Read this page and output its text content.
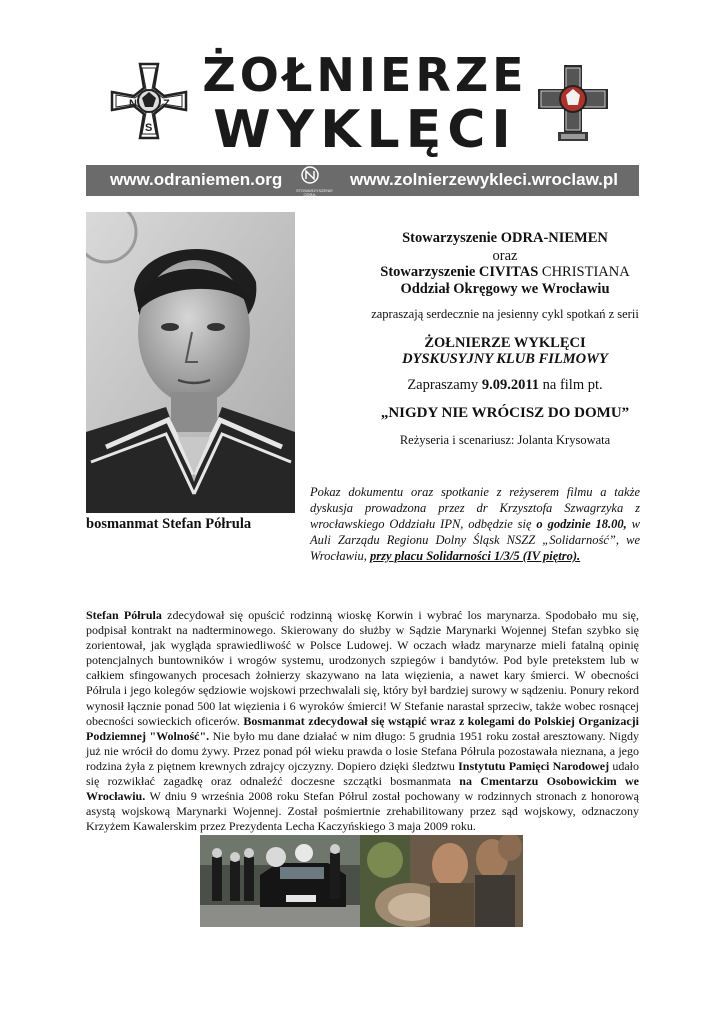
N Z
S
ŻOŁNIERZE
WYKLĘCI
www.odraniemen.org
STOWARZYSZENIE ODRA-NIEMEN
www.zolnierzewykleci.wroclaw.pl
bosmanmat Stefan Półrula
Stowarzyszenie ODRA-NIEMEN
oraz
Stowarzyszenie CIVITAS CHRISTIANA
Oddział Okręgowy we Wrocławiu
zapraszają serdecznie na jesienny cykl spotkań z serii
ŻOŁNIERZE WYKLĘCI
DYSKUSYJNY KLUB FILMOWY
Zapraszamy 9.09.2011 na film pt.
„NIGDY NIE WRÓCISZ DO DOMU”
Reżyseria i scenariusz: Jolanta Krysowata
Pokaz dokumentu oraz spotkanie z reżyserem filmu a także dyskusja prowadzona przez dr Krzysztofa Szwagrzyka z wrocławskiego Oddziału IPN, odbędzie się o godzinie 18.00, w Auli Zarządu Regionu Dolny Śląsk NSZZ „Solidarność”, we Wrocławiu, przy placu Solidarności 1/3/5 (IV piętro).
Stefan Półrula zdecydował się opuścić rodzinną wioskę Korwin i wybrać los marynarza. Spodobało mu się, podpisał kontrakt na nadterminowego. Skierowany do służby w Sądzie Marynarki Wojennej Stefan szybko się zorientował, jak wygląda sprawiedliwość w Polsce Ludowej. W oczach władz marynarze mieli fatalną opinię potencjalnych buntowników i wrogów systemu, urodzonych szpiegów i bandytów. Pod byle pretekstem lub w całkiem sfingowanych procesach żołnierzy skazywano na lata więzienia, a nawet kary śmierci. W obecności Półrula i jego kolegów sędziowie wojskowi przechwalali się, który był bardziej surowy w sądzeniu. Ponury rekord wynosił łącznie ponad 500 lat więzienia i 6 wyroków śmierci! W Stefanie narastał sprzeciw, także wobec rosnącej obecności sowieckich oficerów. Bosmanmat zdecydował się wstąpić wraz z kolegami do Polskiej Organizacji Podziemnej "Wolność". Nie było mu dane działać w nim długo: 5 grudnia 1951 roku został aresztowany. Nigdy już nie wrócił do domu żywy. Przez ponad pół wieku prawda o losie Stefana Półrula pozostawała nieznana, a jego rodzina żyła z piętnem krewnych zdrajcy ojczyzny. Dopiero dzięki śledztwu Instytutu Pamięci Narodowej udało się rozwikłać zagadkę oraz odnaleźć doczesne szczątki bosmanmata na Cmentarzu Osobowickim we Wrocławiu. W dniu 9 września 2008 roku Stefan Półrul został pochowany w rodzinnych stronach z honorową asystą wojskową Marynarki Wojennej. Został pośmiertnie zrehabilitowany przez sąd wojskowy, odznaczony Krzyżem Kawalerskim przez Prezydenta Lecha Kaczyńskiego 3 maja 2009 roku.
